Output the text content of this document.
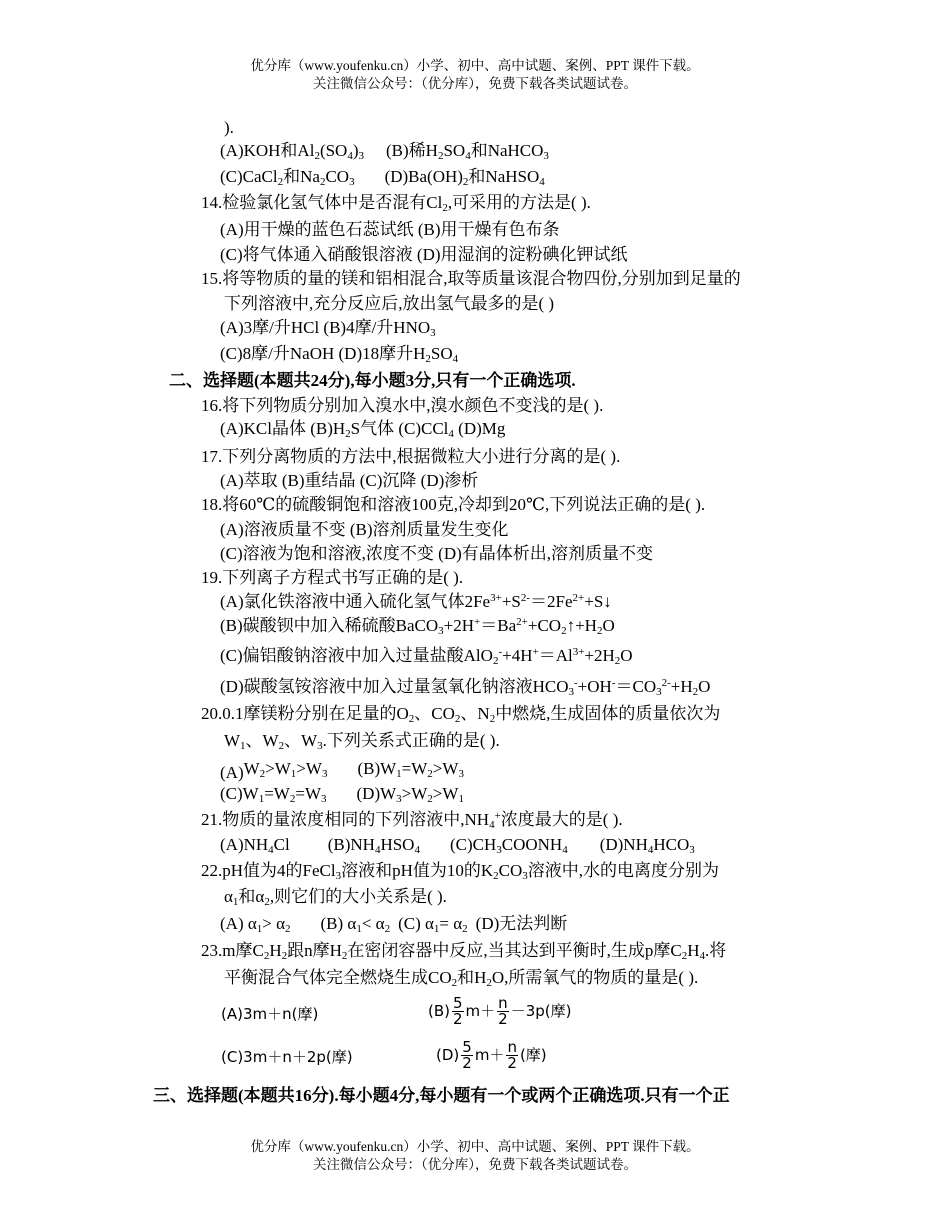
优分库（www.youfenku.cn）小学、初中、高中试题、案例、PPT 课件下载。
关注微信公众号：（优分库），免费下载各类试题试卷。
).
(A)KOH和$Al_2(SO_4)_3$ (B)稀$H_2SO_4$和NaHCO$_3$
(C)CaCl$_2$和$Na_2CO_3$ $(D)Ba(OH)_2$和NaHSO$_4$
14.检验氯化氢气体中是否混有$Cl_2$,可采用的方法是( ).
(A)用干燥的蓝色石蕊试纸 (B)用干燥有色布条
(C)将气体通入硝酸银溶液 (D)用湿润的淀粉碘化钾试纸
15.将等物质的量的镁和铝相混合,取等质量该混合物四份,分别加到足量的
下列溶液中,充分反应后,放出氢气最多的是( )
(A)3摩/升HCl (B)4摩/升$HNO_3$
(C)8摩/升NaOH (D)18摩升$H_2SO_4$
二、选择题(本题共24分),每小题3分,只有一个正确选项.
16.将下列物质分别加入溴水中,溴水颜色不变浅的是( ).
(A)KCl晶体 $(B)H_2S$气体 (C)CCl$_4$ (D)Mg
17.下列分离物质的方法中,根据微粒大小进行分离的是( ).
(A)萃取 (B)重结晶 (C)沉降 (D)渗析
18.将60℃的硫酸铜饱和溶液100克,冷却到20℃,下列说法正确的是( ).
(A)溶液质量不变 (B)溶剂质量发生变化
(C)溶液为饱和溶液,浓度不变 (D)有晶体析出,溶剂质量不变
19.下列离子方程式书写正确的是( ).
(A)氯化铁溶液中通入硫化氢气体$2Fe^{3+}+S^{2-}=2Fe^{2+}+S↓$
(B)碳酸钡中加入稀硫酸$BaCO_3+2H^+=Ba^{2+}+CO_2↑+H_2O$
(C)偏铝酸钠溶液中加入过量盐酸$AlO_2^-+4H^+=Al^{3+}+2H_2O$
(D)碳酸氢铵溶液中加入过量氢氧化钠溶液$HCO_3^-+OH^-=CO_3^{2-}+H_2O$
20.0.1摩镁粉分别在足量的$O_2$、$CO_2$、$N_2$中燃烧,生成固体的质量依次为
$W_1$、$W_2$、$W_3$.下列关系式正确的是( ).
$(A)W_2>W_1>W_3$ $(B)W_1=W_2>W_3$
$(C)W_1=W_2=W_3$ $(D)W_3>W_2>W_1$
21.物质的量浓度相同的下列溶液中$,NH_4^+$浓度最大的是( ).
$(A)NH_4Cl$ $(B)NH_4HSO_4$ $(C)CH_3COONH_4$ $(D)NH_4HCO_3$
22.pH值为4的FeCl$_3$溶液和pH值为10的$K_2CO_3$溶液中,水的电离度分别为
$\alpha_1$和$\alpha_2$,则它们的大小关系是( ).
(A) $\alpha_1> \alpha_2$ (B) $\alpha_1< \alpha_2$ (C) $\alpha_1= \alpha_2$ (D)无法判断
23.m摩$C_2H_2$跟n摩$H_2$在密闭容器中反应,当其达到平衡时,生成p摩$C_2H_4$.将
平衡混合气体完全燃烧生成$CO_2$和$H_2O$,所需氧气的物质的量是( ).
(A)3m＋n(摩)	$(B) \frac{5}{2} m+ \frac{n}{2} -3p$(摩)
(C)3m＋n＋2p(摩)	$(D) \frac{5}{2} m+ \frac{n}{2}$ (摩)
三、选择题(本题共16分).每小题4分,每小题有一个或两个正确选项.只有一个正
优分库（www.youfenku.cn）小学、初中、高中试题、案例、PPT 课件下载。
关注微信公众号：（优分库），免费下载各类试题试卷。
